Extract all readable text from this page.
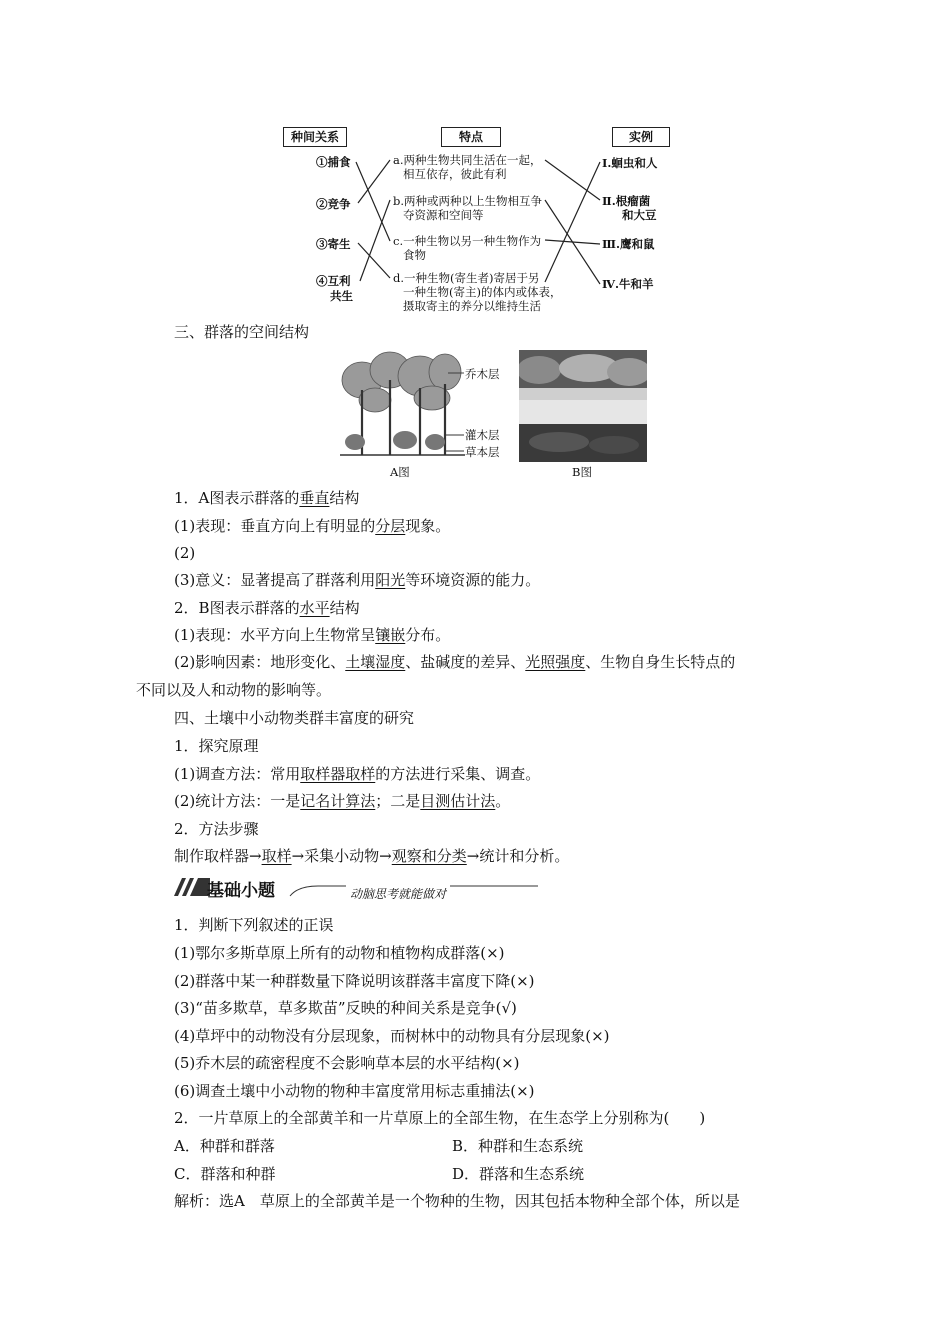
种间关系	特点	实例
①捕食
②竞争
③寄生
④互利
共生
a.两种生物共同生活在一起，
相互依存，彼此有利
b.两种或两种以上生物相互争
夺资源和空间等
c.一种生物以另一种生物作为
食物
d.一种生物(寄生者)寄居于另
一种生物(寄主)的体内或体表，
摄取寄主的养分以维持生活
Ⅰ.蛔虫和人
Ⅱ.根瘤菌
和大豆
Ⅲ.鹰和鼠
Ⅳ.牛和羊
三、群落的空间结构
乔木层
灌木层
草本层
A图	B图
1．A图表示群落的垂直结构
(1)表现：垂直方向上有明显的分层现象。
(2)
(3)意义：显著提高了群落利用阳光等环境资源的能力。
2．B图表示群落的水平结构
(1)表现：水平方向上生物常呈镶嵌分布。
(2)影响因素：地形变化、土壤湿度、盐碱度的差异、光照强度、生物自身生长特点的
不同以及人和动物的影响等。
四、土壤中小动物类群丰富度的研究
1．探究原理
(1)调查方法：常用取样器取样的方法进行采集、调查。
(2)统计方法：一是记名计算法；二是目测估计法。
2．方法步骤
制作取样器→取样→采集小动物→观察和分类→统计和分析。
基础小题	动脑思考就能做对
1．判断下列叙述的正误
(1)鄂尔多斯草原上所有的动物和植物构成群落(×)
(2)群落中某一种群数量下降说明该群落丰富度下降(×)
(3)“苗多欺草，草多欺苗”反映的种间关系是竞争(√)
(4)草坪中的动物没有分层现象，而树林中的动物具有分层现象(×)
(5)乔木层的疏密程度不会影响草本层的水平结构(×)
(6)调查土壤中小动物的物种丰富度常用标志重捕法(×)
2．一片草原上的全部黄羊和一片草原上的全部生物，在生态学上分别称为(　　)
A．种群和群落	B．种群和生态系统
C．群落和种群	D．群落和生态系统
解析：选A　草原上的全部黄羊是一个物种的生物，因其包括本物种全部个体，所以是
